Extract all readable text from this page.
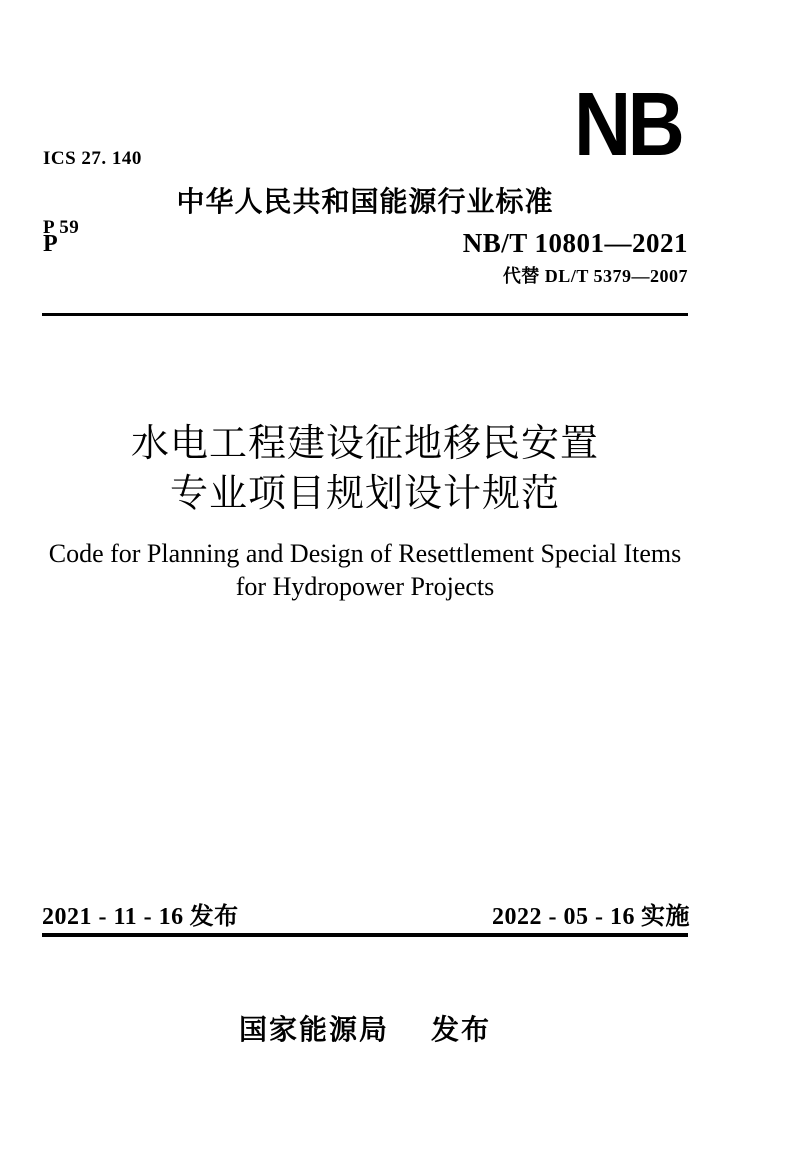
ICS 27. 140

P 59

NB
中华人民共和国能源行业标准
P	NB/T 10801—2021
代替 DL/T 5379—2007
水电工程建设征地移民安置
专业项目规划设计规范
Code for Planning and Design of Resettlement Special Items
for Hydropower Projects
2021 - 11 - 16 发布	2022 - 05 - 16 实施
国家能源局 发布
